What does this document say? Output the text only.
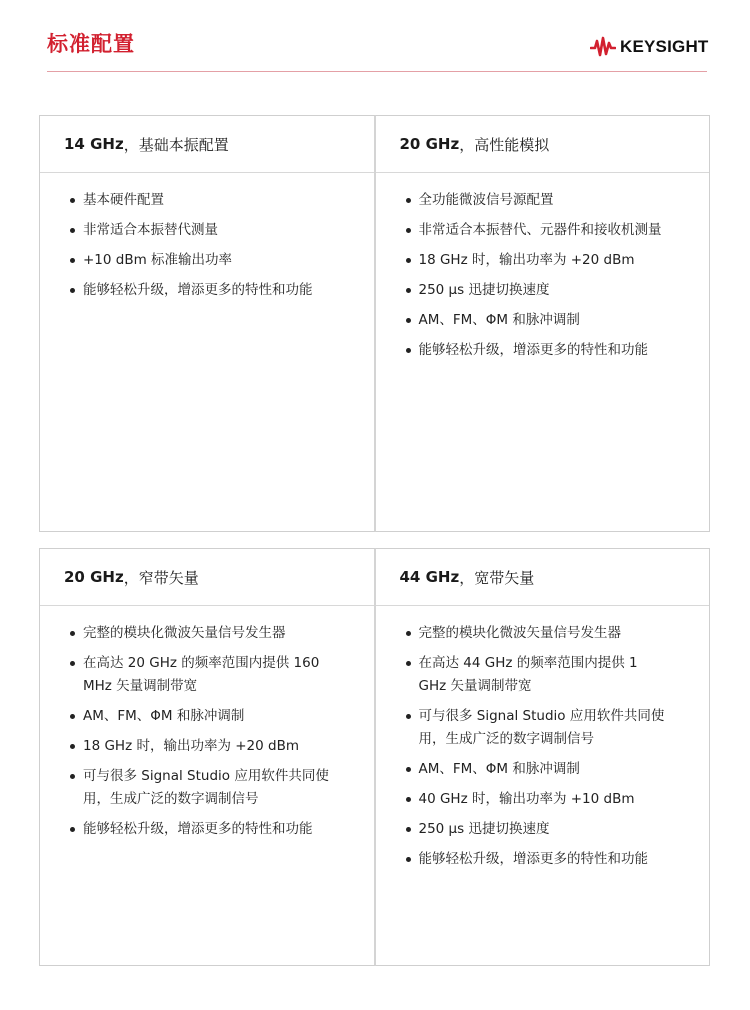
标准配置	KEYSIGHT
14 GHz ，基础本振配置
基本硬件配置
非常适合本振替代测量
+10 dBm 标准输出功率
能够轻松升级，增添更多的特性和功能
20 GHz ，高性能模拟
全功能微波信号源配置
非常适合本振替代、元器件和接收机测量
18 GHz 时，输出功率为 +20 dBm
250 μs 迅捷切换速度
AM、FM、ΦM 和脉冲调制
能够轻松升级，增添更多的特性和功能
20 GHz ，窄带矢量
完整的模块化微波矢量信号发生器
在高达 20 GHz 的频率范围内提供 160 MHz 矢量调制带宽
AM、FM、ΦM 和脉冲调制
18 GHz 时，输出功率为 +20 dBm
可与很多 Signal Studio 应用软件共同使用，生成广泛的数字调制信号
能够轻松升级，增添更多的特性和功能
44 GHz ，宽带矢量
完整的模块化微波矢量信号发生器
在高达 44 GHz 的频率范围内提供 1 GHz 矢量调制带宽
可与很多 Signal Studio 应用软件共同使用，生成广泛的数字调制信号
AM、FM、ΦM 和脉冲调制
40 GHz 时，输出功率为 +10 dBm
250 μs 迅捷切换速度
能够轻松升级，增添更多的特性和功能
